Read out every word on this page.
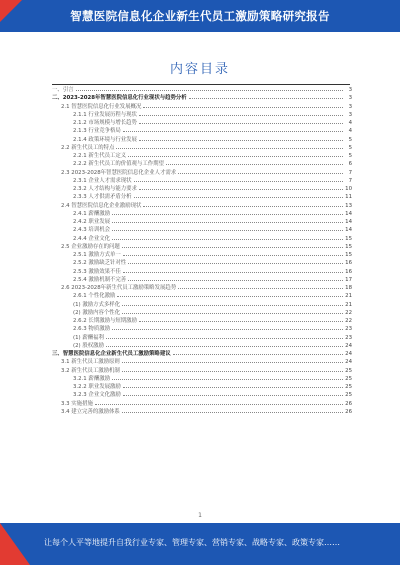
智慧医院信息化企业新生代员工激励策略研究报告
内容目录
一、引言	3
二、2023-2028年智慧医院信息化行业现状与趋势分析	3
2.1 智慧医院信息化行业发展概况	3
2.1.1 行业发展历程与现状	3
2.1.2 市场规模与增长趋势	4
2.1.3 行业竞争格局	4
2.1.4 政策环境与行业发展	5
2.2 新生代员工的特点	5
2.2.1 新生代员工定义	5
2.2.2 新生代员工的价值观与工作期望	6
2.3 2023-2028年智慧医院信息化企业人才需求	7
2.3.1 企业人才需求现状	7
2.3.2 人才结构与能力要求	10
2.3.3 人才供需矛盾分析	11
2.4 智慧医院信息化企业激励现状	13
2.4.1 薪酬激励	14
2.4.2 职业发展	14
2.4.3 培训机会	14
2.4.4 企业文化	15
2.5 企业激励存在的问题	15
2.5.1 激励方式单一	15
2.5.2 激励缺乏针对性	16
2.5.3 激励效果不佳	16
2.5.4 激励机制不完善	17
2.6 2023-2028年新生代员工激励策略发展趋势	18
2.6.1 个性化激励	21
(1) 激励方式多样化	21
(2) 激励内容个性化	22
2.6.2 长期激励与短期激励	22
2.6.3 物质激励	23
(1) 薪酬福利	23
(2) 股权激励	24
三、智慧医院信息化企业新生代员工激励策略建议	24
3.1 新生代员工激励原则	24
3.2 新生代员工激励机制	25
3.2.1 薪酬激励	25
3.2.2 职业发展激励	25
3.2.3 企业文化激励	25
3.3 实施措施	26
3.4 建立完善的激励体系	26
1
让每个人平等地提升自我 行业专家、管理专家、营销专家、战略专家、政策专家……
